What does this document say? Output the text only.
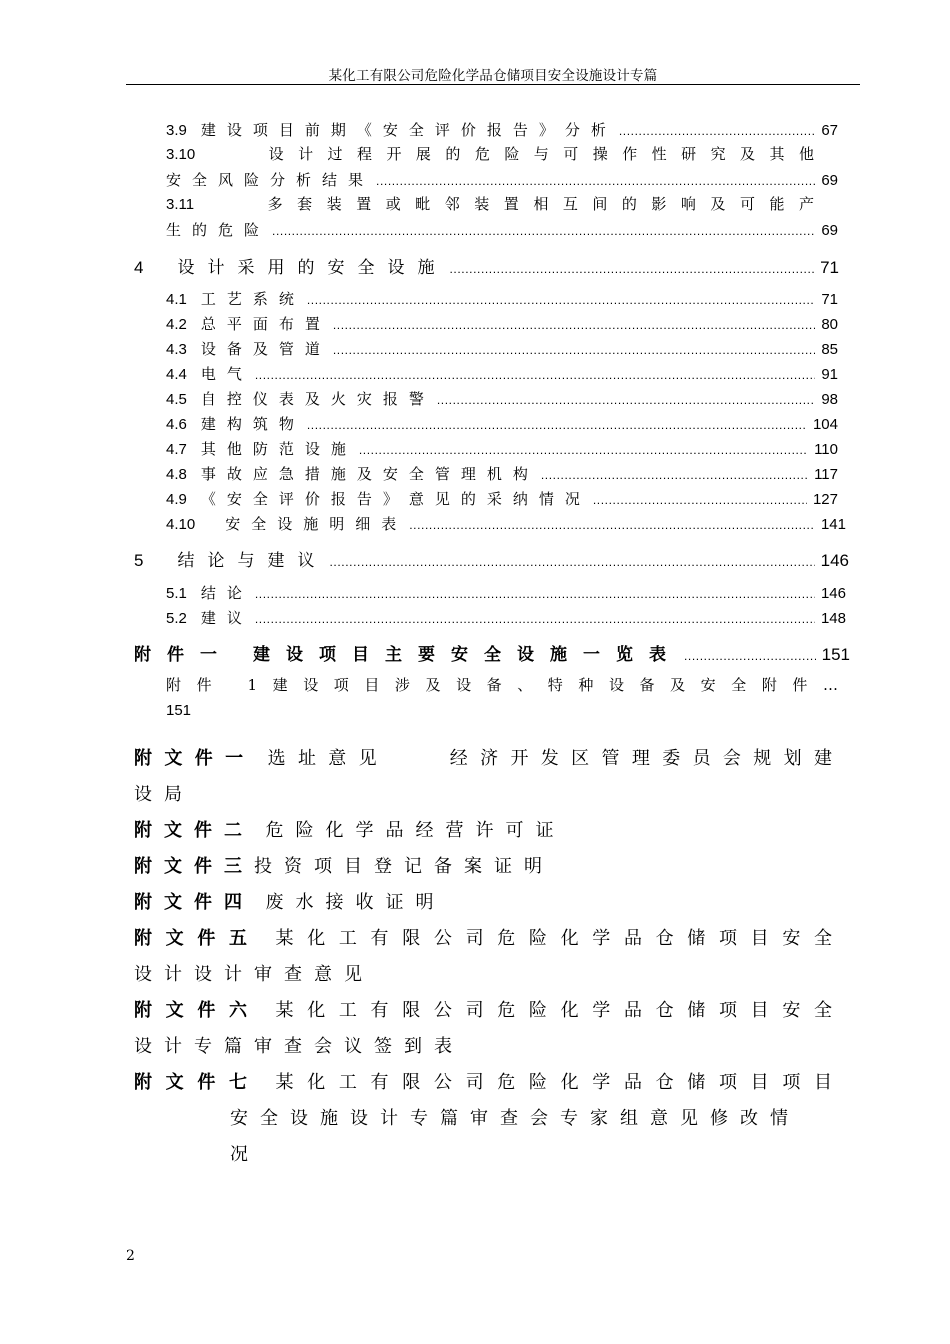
某化工有限公司危险化学品仓储项目安全设施设计专篇
3.9 建设项目前期《安全评价报告》分析 .....	67
3.10　　	设计过程开展的危险与可操作性研究及其他
安全风险分析结果 .....	69
3.11　　	多套装置或毗邻装置相互间的影响及可能产
生的危险 .....	69
4 设计采用的安全设施 .....	71
4.1 工艺系统 .....	71
4.2 总平面布置 .....	80
4.3 设备及管道 .....	85
4.4 电气 .....	91
4.5 自控仪表及火灾报警 .....	98
4.6 建构筑物 .....	104
4.7 其他防范设施 .....	110
4.8 事故应急措施及安全管理机构 .....	117
4.9 《安全评价报告》意见的采纳情况 .....	127
4.10 安全设施明细表 .....	141
5 结论与建议 .....	146
5.1 结论 .....	146
5.2 建议 .....	148
附件一 建设项目主要安全设施一览表 .....	151
附件 1建设项目涉及设备、特种设备及安全附件…
151
附文件一 选址意见　　经济开发区管理委员会规划建
设局
附文件二 危险化学品经营许可证
附文件三投资项目登记备案证明
附文件四 废水接收证明
附文件五 某化工有限公司危险化学品仓储项目安全
设计设计审查意见
附文件六 某化工有限公司危险化学品仓储项目安全
设计专篇审查会议签到表
附文件七 某化工有限公司危险化学品仓储项目项目
安全设施设计专篇审查会专家组意见修改情
况
2
